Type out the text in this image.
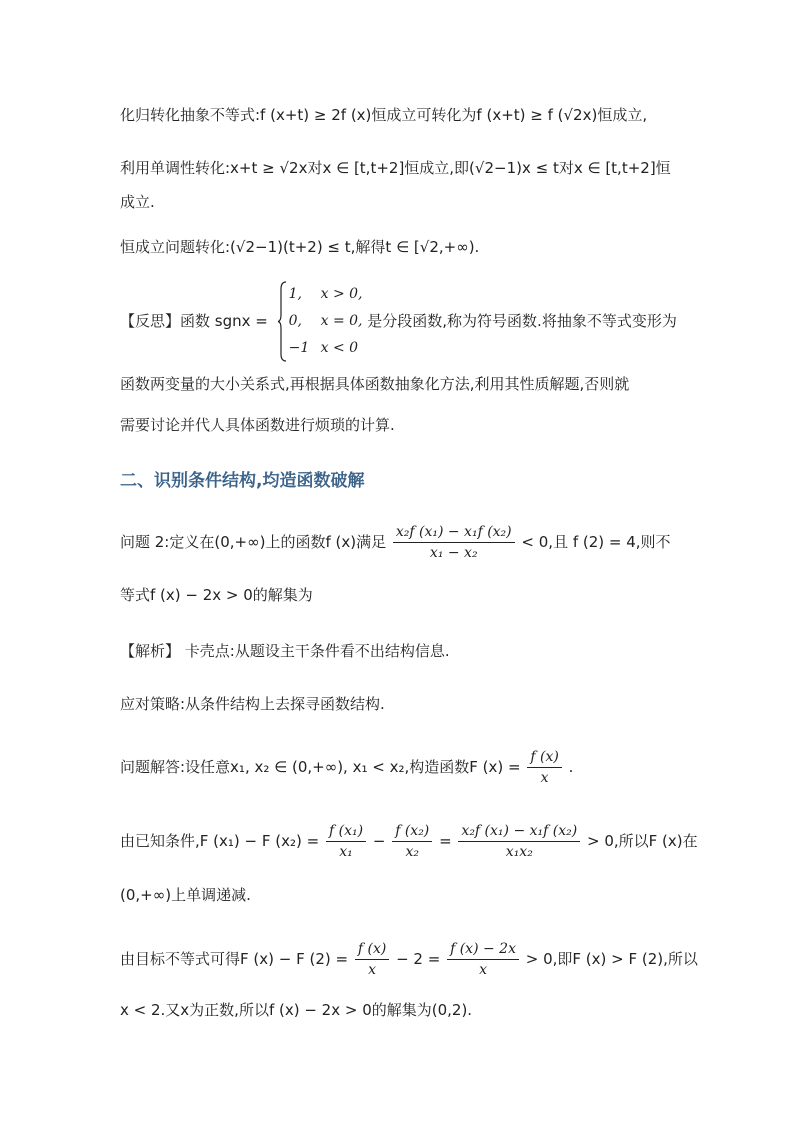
化归转化抽象不等式:f (x+t) ≥ 2f (x)恒成立可转化为f (x+t) ≥ f (√2x)恒成立,
利用单调性转化:x+t ≥ √2x对x ∈ [t,t+2]恒成立,即(√2−1)x ≤ t对x ∈ [t,t+2]恒
成立.
恒成立问题转化:(√2−1)(t+2) ≤ t,解得t ∈ [√2,+∞).
【反思】函数 sgnx =
1, x > 0,
0, x = 0,
−1 x < 0
是分段函数,称为符号函数.将抽象不等式变形为
函数两变量的大小关系式,再根据具体函数抽象化方法,利用其性质解题,否则就
需要讨论并代人具体函数进行烦琐的计算.
二、识别条件结构,均造函数破解
问题 2:定义在(0,+∞)上的函数f (x)满足 $\frac{\text{x₂f (x₁) − x₁f (x₂)}}{\text{x₁ − x₂}} < 0$,且 f (2) = 4,则不
等式f (x) − 2x > 0的解集为
【解析】 卡壳点:从题设主干条件看不出结构信息.
应对策略:从条件结构上去探寻函数结构.
问题解答:设任意x₁, x₂ ∈ (0,+∞), x₁ < x₂,构造函数F $(x) = \frac{f (x)}{x}$ .
由已知条件,F (x₁) − F $(x_2) = \frac{\text{f (x₁)}}{\text{x₁}} - \frac{\text{f (x₂)}}{\text{x₂}} = \frac{\text{x₂f (x₁) − x₁f (x₂)}}{\text{x₁x₂}} > 0$,所以F (x)在
(0,+∞)上单调递减.
由目标不等式可得F (x) − F $(2) = \frac{f (x)}{x} - 2 = \frac{f (x) - 2x}{x} > 0$,即F (x) > F (2),所以
x < 2.又x为正数,所以f (x) − 2x > 0的解集为(0,2).
